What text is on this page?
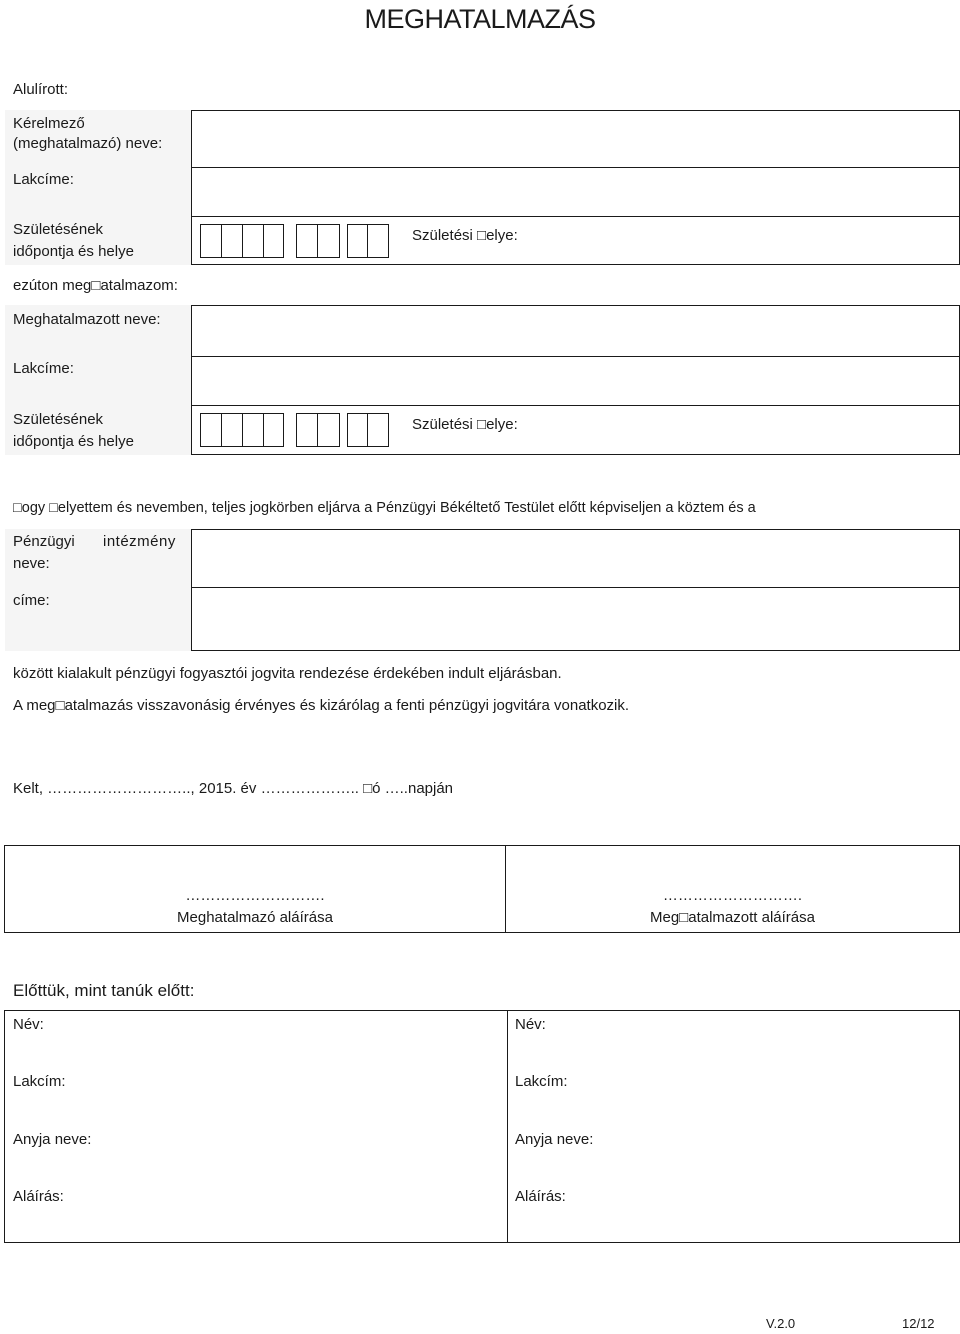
MEGHATALMAZÁS
Alulírott:
Kérelmező (meghatalmazó) neve:
Lakcíme:
Születésének
időpontja és helye
Születési □elye:
ezúton meg□atalmazom:
Meghatalmazott neve:
Lakcíme:
Születésének
időpontja és helye
Születési □elye:
□ogy □elyettem és nevemben, teljes jogkörben eljárva a Pénzügyi Békéltető Testület előtt képviseljen a köztem és a
Pénzügyi intézmény
neve:
címe:
között kialakult pénzügyi fogyasztói jogvita rendezése érdekében indult eljárásban.
A meg□atalmazás visszavonásig érvényes és kizárólag a fenti pénzügyi jogvitára vonatkozik.
Kelt, ……………………….., 2015. év ……………….. □ó …..napján
……………………….
Meghatalmazó aláírása
……………………….
Meg□atalmazott aláírása
Előttük, mint tanúk előtt:
Név:
Lakcím:
Anyja neve:
Aláírás:
Név:
Lakcím:
Anyja neve:
Aláírás:
V.2.0	12/12
